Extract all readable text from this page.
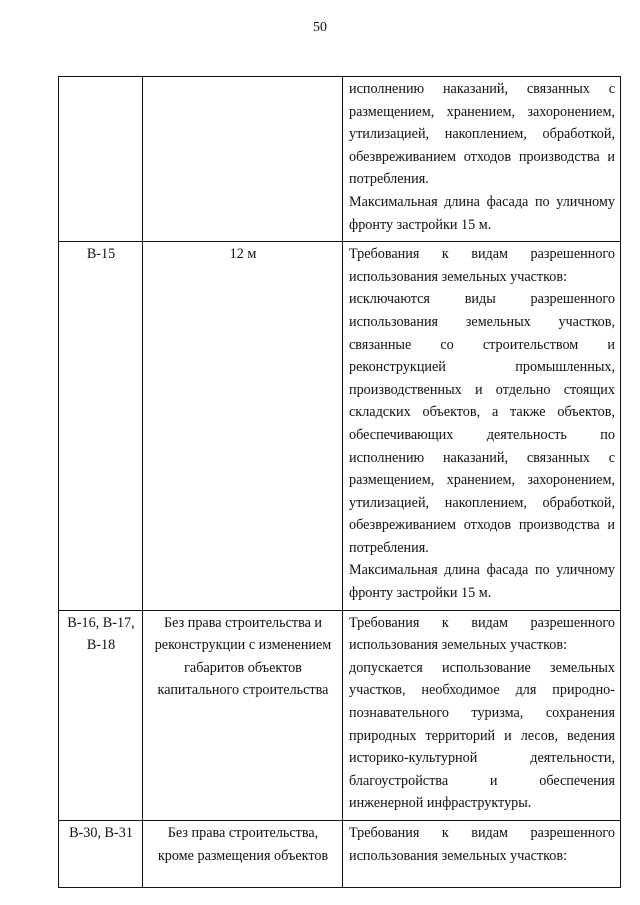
50

		исполнению наказаний, связанных с размещением, хранением, захоронением, утилизацией, накоплением, обработкой, обезвреживанием отходов производства и потребления.

Максимальная длина фасада по уличному фронту застройки 15 м.

В-15	12 м	Требования к видам разрешенного использования земельных участков:

исключаются виды разрешенного использования земельных участков, связанные со строительством и реконструкцией промышленных, производственных и отдельно стоящих складских объектов, а также объектов, обеспечивающих деятельность по исполнению наказаний, связанных с размещением, хранением, захоронением, утилизацией, накоплением, обработкой, обезвреживанием отходов производства и потребления.

Максимальная длина фасада по уличному фронту застройки 15 м.

В-16, В-17, В-18	Без права строительства и реконструкции с изменением габаритов объектов капитального строительства	Требования к видам разрешенного использования земельных участков:

допускается использование земельных участков, необходимое для природно-познавательного туризма, сохранения природных территорий и лесов, ведения историко-культурной деятельности, благоустройства и обеспечения инженерной инфраструктуры.

В-30, В-31	Без права строительства, кроме размещения объектов	Требования к видам разрешенного использования земельных участков:
